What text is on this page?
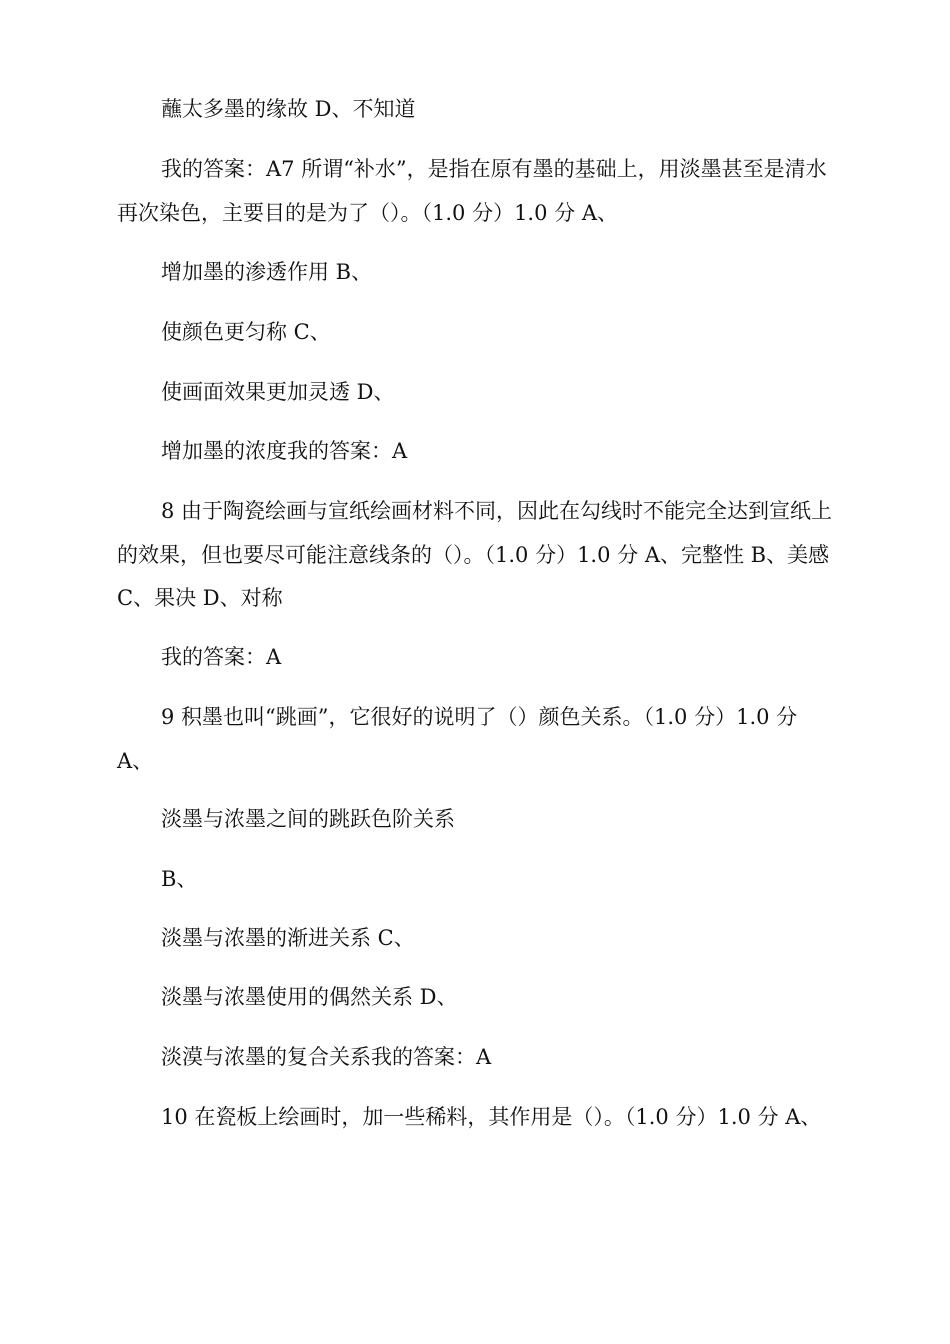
蘸太多墨的缘故 D、不知道

我的答案：A7 所谓“补水”，是指在原有墨的基础上，用淡墨甚至是清水再次染色，主要目的是为了（）。（1.0 分）1.0 分 A、

增加墨的渗透作用 B、

使颜色更匀称 C、

使画面效果更加灵透 D、

增加墨的浓度我的答案：A

8 由于陶瓷绘画与宣纸绘画材料不同，因此在勾线时不能完全达到宣纸上的效果，但也要尽可能注意线条的（）。（1.0 分）1.0 分 A、完整性 B、美感 C、果决 D、对称

我的答案：A

9 积墨也叫“跳画”，它很好的说明了（）颜色关系。（1.0 分）1.0 分 A、

淡墨与浓墨之间的跳跃色阶关系

B、

淡墨与浓墨的渐进关系 C、

淡墨与浓墨使用的偶然关系 D、

淡漠与浓墨的复合关系我的答案：A

10 在瓷板上绘画时，加一些稀料，其作用是（）。（1.0 分）1.0 分 A、
